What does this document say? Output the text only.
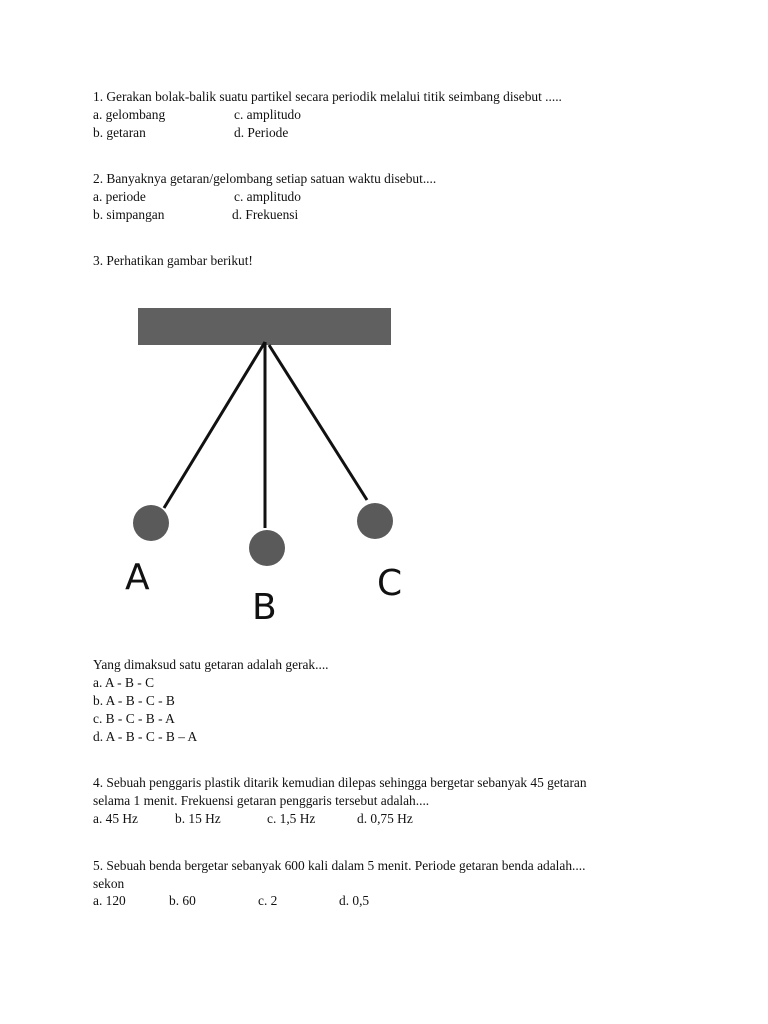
1. Gerakan bolak-balik suatu partikel secara periodik melalui titik seimbang disebut .....
a. gelombang	c. amplitudo
b. getaran	d. Periode
2. Banyaknya getaran/gelombang setiap satuan waktu disebut....
a. periode	c. amplitudo
b. simpangan	d. Frekuensi
3. Perhatikan gambar berikut!
A
B
C
Yang dimaksud satu getaran adalah gerak....
a. A - B - C
b. A - B - C - B
c. B - C - B - A
d. A - B - C - B – A
4. Sebuah penggaris plastik ditarik kemudian dilepas sehingga bergetar sebanyak 45 getaran
selama 1 menit. Frekuensi getaran penggaris tersebut adalah....
a. 45 Hz	b. 15 Hz	c. 1,5 Hz	d. 0,75 Hz
5. Sebuah benda bergetar sebanyak 600 kali dalam 5 menit. Periode getaran benda adalah....
sekon
a. 120	b. 60	c. 2	d. 0,5
